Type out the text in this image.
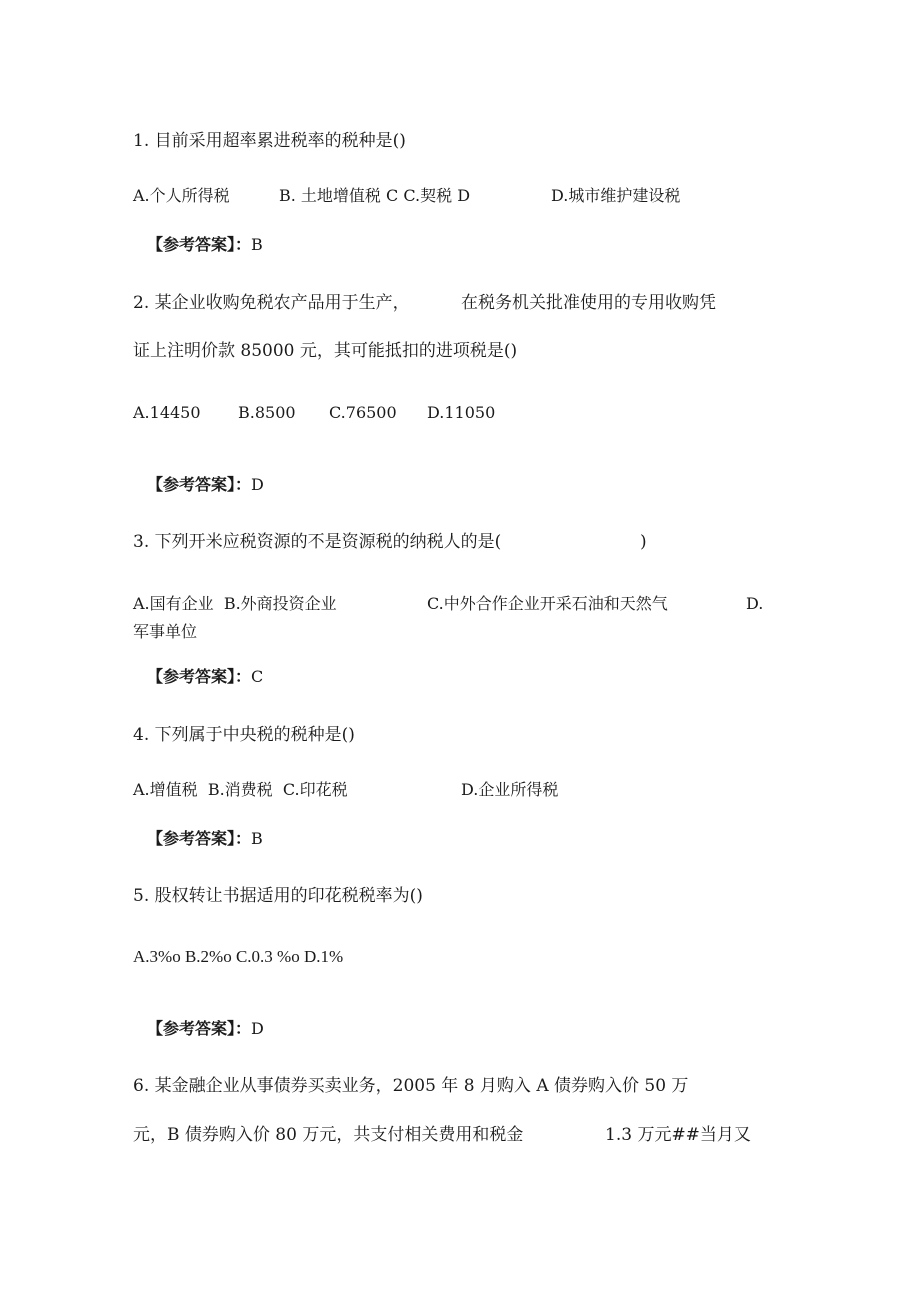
1. 目前采用超率累进税率的税种是()
A.个人所得税	B. 土地增值税 C C.契税 D	D.城市维护建设税
【参考答案】：B
2. 某企业收购免税农产品用于生产，	在税务机关批准使用的专用收购凭
证上注明价款 85000 元，其可能抵扣的进项税是()
A.14450 B.8500 C.76500 D.11050
【参考答案】：D
3. 下列开米应税资源的不是资源税的纳税人的是(	)
A.国有企业  B.外商投资企业	C.中外合作企业开采石油和天然气	D.
军事单位
【参考答案】：C
4. 下列属于中央税的税种是()
A.增值税  B.消费税  C.印花税	D.企业所得税
【参考答案】：B
5. 股权转让书据适用的印花税税率为()
A.3%o B.2%o C.0.3 %o D.1%
【参考答案】：D
6. 某金融企业从事债券买卖业务，2005 年 8 月购入 A 债券购入价 50 万
元，B 债券购入价 80 万元，共支付相关费用和税金	1.3 万元##当月又
